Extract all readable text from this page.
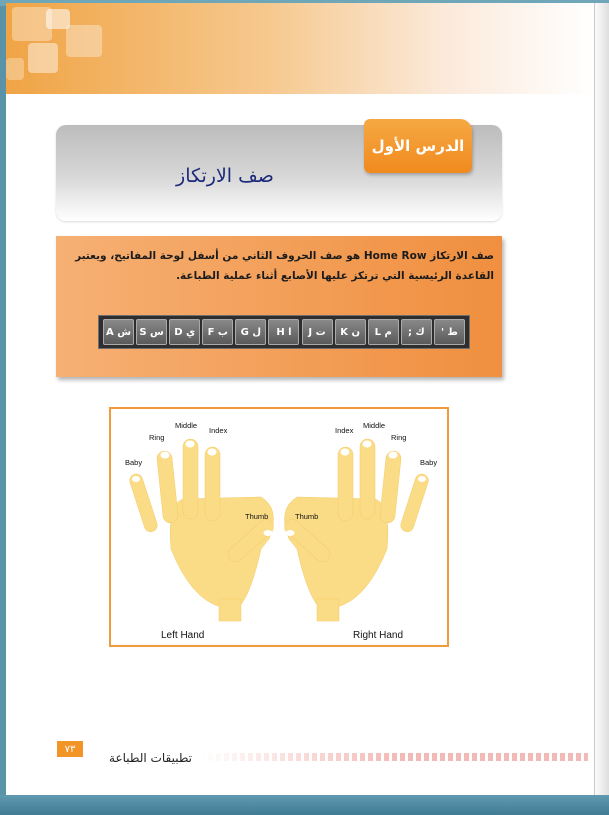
الدرس الأول
صف الارتكاز
صف الارتكاز Home Row هو صف الحروف الثاني من أسفل لوحة المفاتيح، ويعتبر القاعدة الرئيسية التي ترتكز عليها الأصابع أثناء عملية الطباعة.
A ش S س	D ي	F ب	G ل	H ا	J ت	K ن	L م	; ك	' ط
Baby
Ring
Middle
Index
Thumb
Index
Middle
Ring
Baby
Thumb
Left Hand	Right Hand
٧٣
تطبيقات الطباعة
